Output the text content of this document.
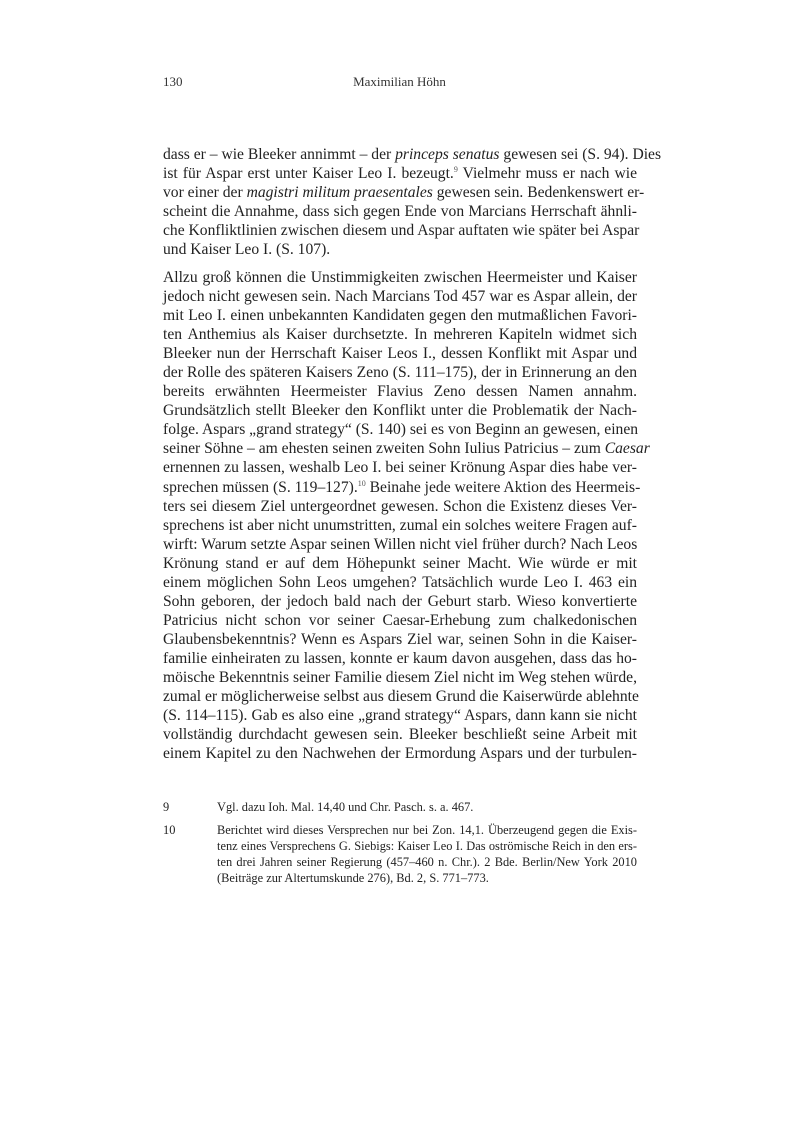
130	Maximilian Höhn
dass er – wie Bleeker annimmt – der princeps senatus gewesen sei (S. 94). Dies
ist für Aspar erst unter Kaiser Leo I. bezeugt.$^9$ Vielmehr muss er nach wie
vor einer der magistri militum praesentales gewesen sein. Bedenkenswert er-
scheint die Annahme, dass sich gegen Ende von Marcians Herrschaft ähnli-
che Konfliktlinien zwischen diesem und Aspar auftaten wie später bei Aspar
und Kaiser Leo I. (S. 107).
Allzu groß können die Unstimmigkeiten zwischen Heermeister und Kaiser
jedoch nicht gewesen sein. Nach Marcians Tod 457 war es Aspar allein, der
mit Leo I. einen unbekannten Kandidaten gegen den mutmaßlichen Favori-
ten Anthemius als Kaiser durchsetzte. In mehreren Kapiteln widmet sich
Bleeker nun der Herrschaft Kaiser Leos I., dessen Konflikt mit Aspar und
der Rolle des späteren Kaisers Zeno (S. 111–175), der in Erinnerung an den
bereits erwähnten Heermeister Flavius Zeno dessen Namen annahm.
Grundsätzlich stellt Bleeker den Konflikt unter die Problematik der Nach-
folge. Aspars „grand strategy“ (S. 140) sei es von Beginn an gewesen, einen
seiner Söhne – am ehesten seinen zweiten Sohn Iulius Patricius – zum Caesar
ernennen zu lassen, weshalb Leo I. bei seiner Krönung Aspar dies habe ver-
sprechen müssen (S. 119–127).$^{10}$ Beinahe jede weitere Aktion des Heermeis-
ters sei diesem Ziel untergeordnet gewesen. Schon die Existenz dieses Ver-
sprechens ist aber nicht unumstritten, zumal ein solches weitere Fragen auf-
wirft: Warum setzte Aspar seinen Willen nicht viel früher durch? Nach Leos
Krönung stand er auf dem Höhepunkt seiner Macht. Wie würde er mit
einem möglichen Sohn Leos umgehen? Tatsächlich wurde Leo I. 463 ein
Sohn geboren, der jedoch bald nach der Geburt starb. Wieso konvertierte
Patricius nicht schon vor seiner Caesar-Erhebung zum chalkedonischen
Glaubensbekenntnis? Wenn es Aspars Ziel war, seinen Sohn in die Kaiser-
familie einheiraten zu lassen, konnte er kaum davon ausgehen, dass das ho-
möische Bekenntnis seiner Familie diesem Ziel nicht im Weg stehen würde,
zumal er möglicherweise selbst aus diesem Grund die Kaiserwürde ablehnte
(S. 114–115). Gab es also eine „grand strategy“ Aspars, dann kann sie nicht
vollständig durchdacht gewesen sein. Bleeker beschließt seine Arbeit mit
einem Kapitel zu den Nachwehen der Ermordung Aspars und der turbulen-
9	Vgl. dazu Ioh. Mal. 14,40 und Chr. Pasch. s. a. 467.
10	Berichtet wird dieses Versprechen nur bei Zon. 14,1. Überzeugend gegen die Exis-
tenz eines Versprechens G. Siebigs: Kaiser Leo I. Das oströmische Reich in den ers-
ten drei Jahren seiner Regierung (457–460 n. Chr.). 2 Bde. Berlin/New York 2010
(Beiträge zur Altertumskunde 276), Bd. 2, S. 771–773.
